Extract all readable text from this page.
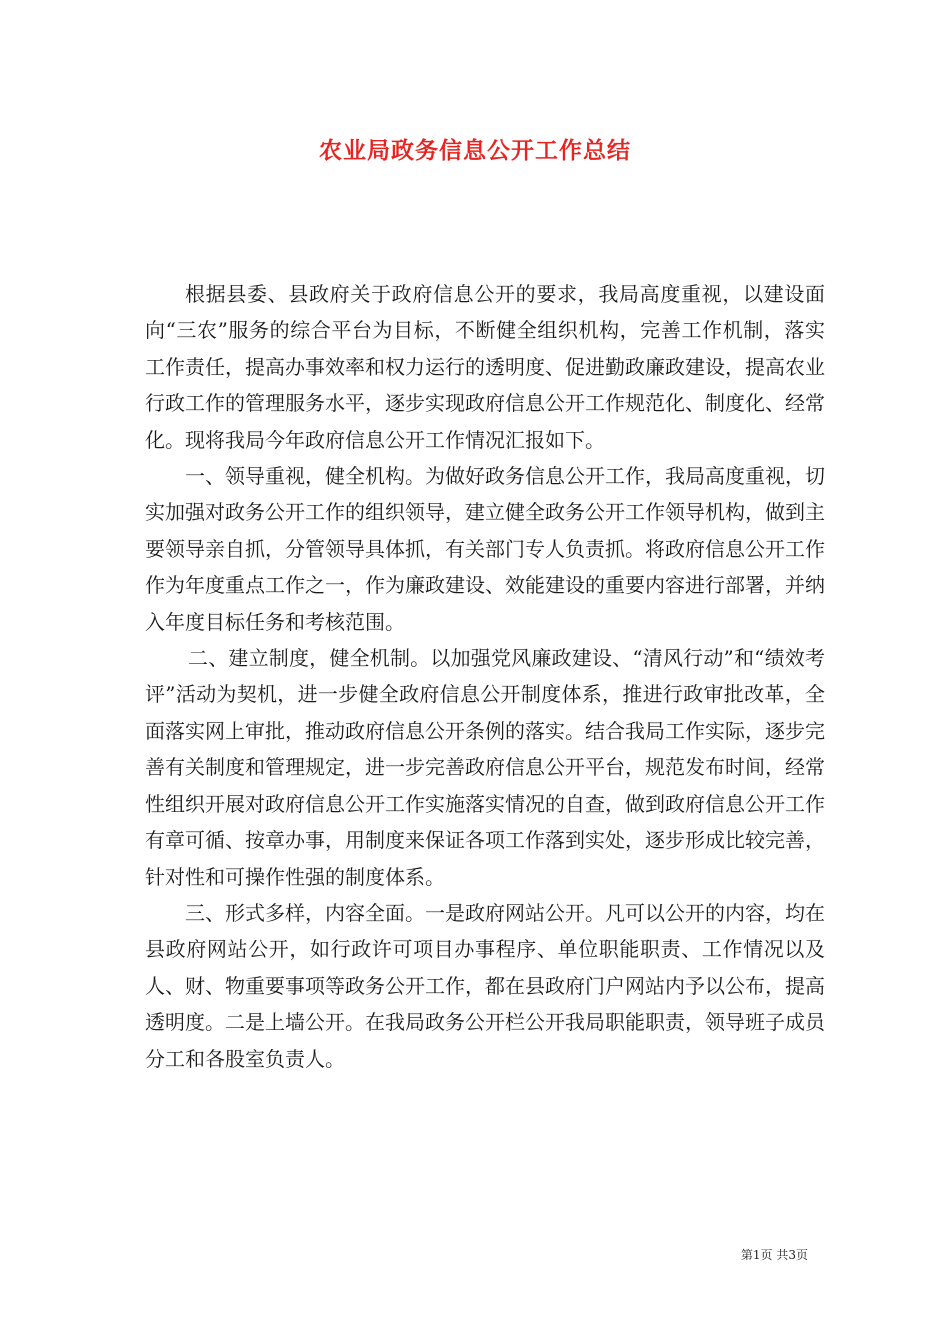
农业局政务信息公开工作总结

根据县委、县政府关于政府信息公开的要求，我局高度重视，以建设面向“三农”服务的综合平台为目标，不断健全组织机构，完善工作机制，落实工作责任，提高办事效率和权力运行的透明度、促进勤政廉政建设，提高农业行政工作的管理服务水平，逐步实现政府信息公开工作规范化、制度化、经常化。现将我局今年政府信息公开工作情况汇报如下。

一、领导重视，健全机构。为做好政务信息公开工作，我局高度重视，切实加强对政务公开工作的组织领导，建立健全政务公开工作领导机构，做到主要领导亲自抓，分管领导具体抓，有关部门专人负责抓。将政府信息公开工作作为年度重点工作之一，作为廉政建设、效能建设的重要内容进行部署，并纳入年度目标任务和考核范围。

二、建立制度，健全机制。以加强党风廉政建设、“清风行动”和“绩效考评”活动为契机，进一步健全政府信息公开制度体系，推进行政审批改革，全面落实网上审批，推动政府信息公开条例的落实。结合我局工作实际，逐步完善有关制度和管理规定，进一步完善政府信息公开平台，规范发布时间，经常性组织开展对政府信息公开工作实施落实情况的自查，做到政府信息公开工作有章可循、按章办事，用制度来保证各项工作落到实处，逐步形成比较完善，针对性和可操作性强的制度体系。

三、形式多样，内容全面。一是政府网站公开。凡可以公开的内容，均在县政府网站公开，如行政许可项目办事程序、单位职能职责、工作情况以及人、财、物重要事项等政务公开工作，都在县政府门户网站内予以公布，提高透明度。二是上墙公开。在我局政务公开栏公开我局职能职责，领导班子成员分工和各股室负责人。

第1页 共3页
